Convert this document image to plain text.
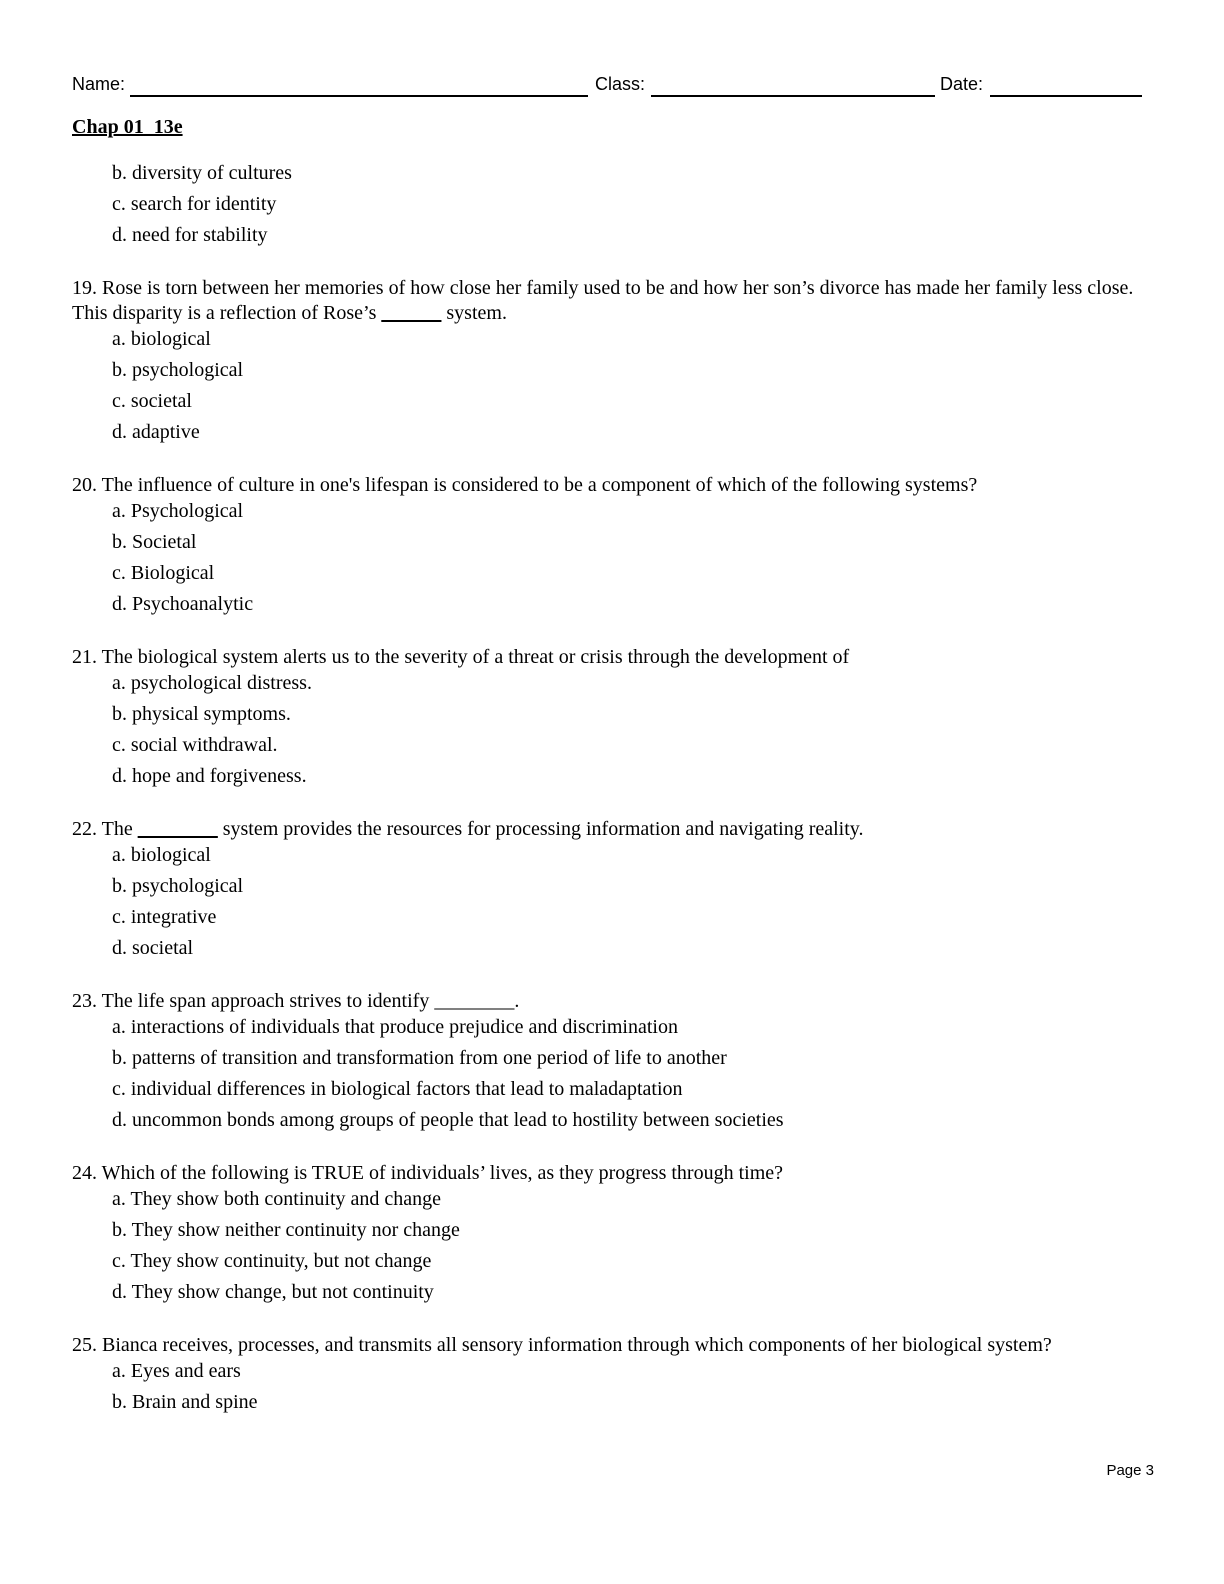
Name:	Class:	Date:
Chap 01_13e
b. diversity of cultures
c. search for identity
d. need for stability

19. Rose is torn between her memories of how close her family used to be and how her son’s divorce has made her family less close. This disparity is a reflection of Rose’s ______ system.

a. biological
b. psychological
c. societal
d. adaptive

20. The influence of culture in one's lifespan is considered to be a component of which of the following systems?

a. Psychological
b. Societal
c. Biological
d. Psychoanalytic

21. The biological system alerts us to the severity of a threat or crisis through the development of

a. psychological distress.
b. physical symptoms.
c. social withdrawal.
d. hope and forgiveness.

22. The ________ system provides the resources for processing information and navigating reality.

a. biological
b. psychological
c. integrative
d. societal

23. The life span approach strives to identify ________.

a. interactions of individuals that produce prejudice and discrimination
b. patterns of transition and transformation from one period of life to another
c. individual differences in biological factors that lead to maladaptation
d. uncommon bonds among groups of people that lead to hostility between societies

24. Which of the following is TRUE of individuals’ lives, as they progress through time?

a. They show both continuity and change
b. They show neither continuity nor change
c. They show continuity, but not change
d. They show change, but not continuity

25. Bianca receives, processes, and transmits all sensory information through which components of her biological system?

a. Eyes and ears
b. Brain and spine
Page 3
